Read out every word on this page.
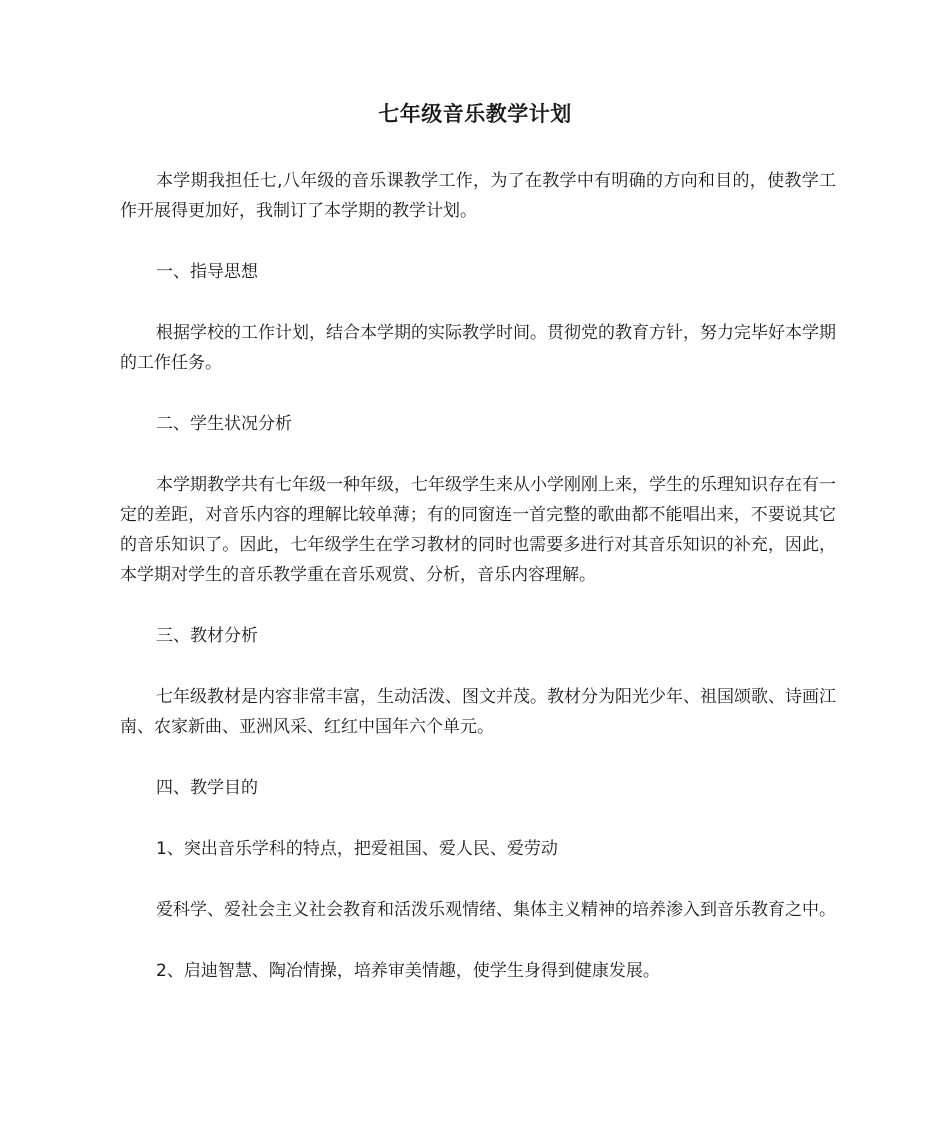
七年级音乐教学计划

本学期我担任七,八年级的音乐课教学工作，为了在教学中有明确的方向和目的，使教学工作开展得更加好，我制订了本学期的教学计划。

一、指导思想

根据学校的工作计划，结合本学期的实际教学时间。贯彻党的教育方针，努力完毕好本学期的工作任务。

二、学生状况分析

本学期教学共有七年级一种年级，七年级学生来从小学刚刚上来，学生的乐理知识存在有一定的差距，对音乐内容的理解比较单薄；有的同窗连一首完整的歌曲都不能唱出来，不要说其它的音乐知识了。因此，七年级学生在学习教材的同时也需要多进行对其音乐知识的补充，因此，本学期对学生的音乐教学重在音乐观赏、分析，音乐内容理解。

三、教材分析

七年级教材是内容非常丰富，生动活泼、图文并茂。教材分为阳光少年、祖国颂歌、诗画江南、农家新曲、亚洲风采、红红中国年六个单元。

四、教学目的

1、突出音乐学科的特点，把爱祖国、爱人民、爱劳动

爱科学、爱社会主义社会教育和活泼乐观情绪、集体主义精神的培养渗入到音乐教育之中。

2、启迪智慧、陶冶情操，培养审美情趣，使学生身得到健康发展。
